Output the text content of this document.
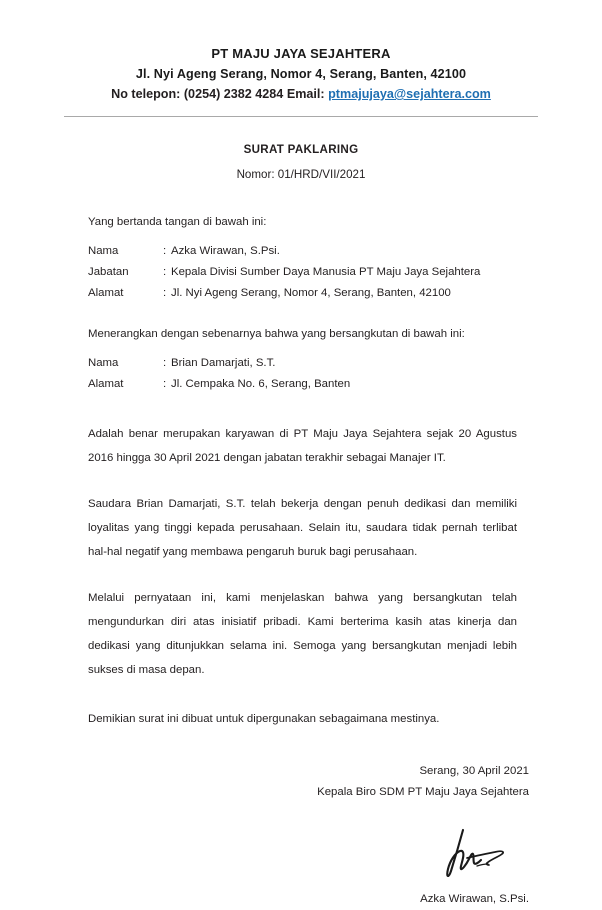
PT MAJU JAYA SEJAHTERA
Jl. Nyi Ageng Serang, Nomor 4, Serang, Banten, 42100
No telepon: (0254) 2382 4284 Email: ptmajujaya@sejahtera.com
SURAT PAKLARING
Nomor: 01/HRD/VII/2021
Yang bertanda tangan di bawah ini:
Nama	: Azka Wirawan, S.Psi.
Jabatan	: Kepala Divisi Sumber Daya Manusia PT Maju Jaya Sejahtera
Alamat	: Jl. Nyi Ageng Serang, Nomor 4, Serang, Banten, 42100
Menerangkan dengan sebenarnya bahwa yang bersangkutan di bawah ini:
Nama	: Brian Damarjati, S.T.
Alamat	: Jl. Cempaka No. 6, Serang, Banten
Adalah benar merupakan karyawan di PT Maju Jaya Sejahtera sejak 20 Agustus 2016 hingga 30 April 2021 dengan jabatan terakhir sebagai Manajer IT.
Saudara Brian Damarjati, S.T. telah bekerja dengan penuh dedikasi dan memiliki loyalitas yang tinggi kepada perusahaan. Selain itu, saudara tidak pernah terlibat hal-hal negatif yang membawa pengaruh buruk bagi perusahaan.
Melalui pernyataan ini, kami menjelaskan bahwa yang bersangkutan telah mengundurkan diri atas inisiatif pribadi. Kami berterima kasih atas kinerja dan dedikasi yang ditunjukkan selama ini. Semoga yang bersangkutan menjadi lebih sukses di masa depan.
Demikian surat ini dibuat untuk dipergunakan sebagaimana mestinya.
Serang, 30 April 2021
Kepala Biro SDM PT Maju Jaya Sejahtera
Azka Wirawan, S.Psi.
